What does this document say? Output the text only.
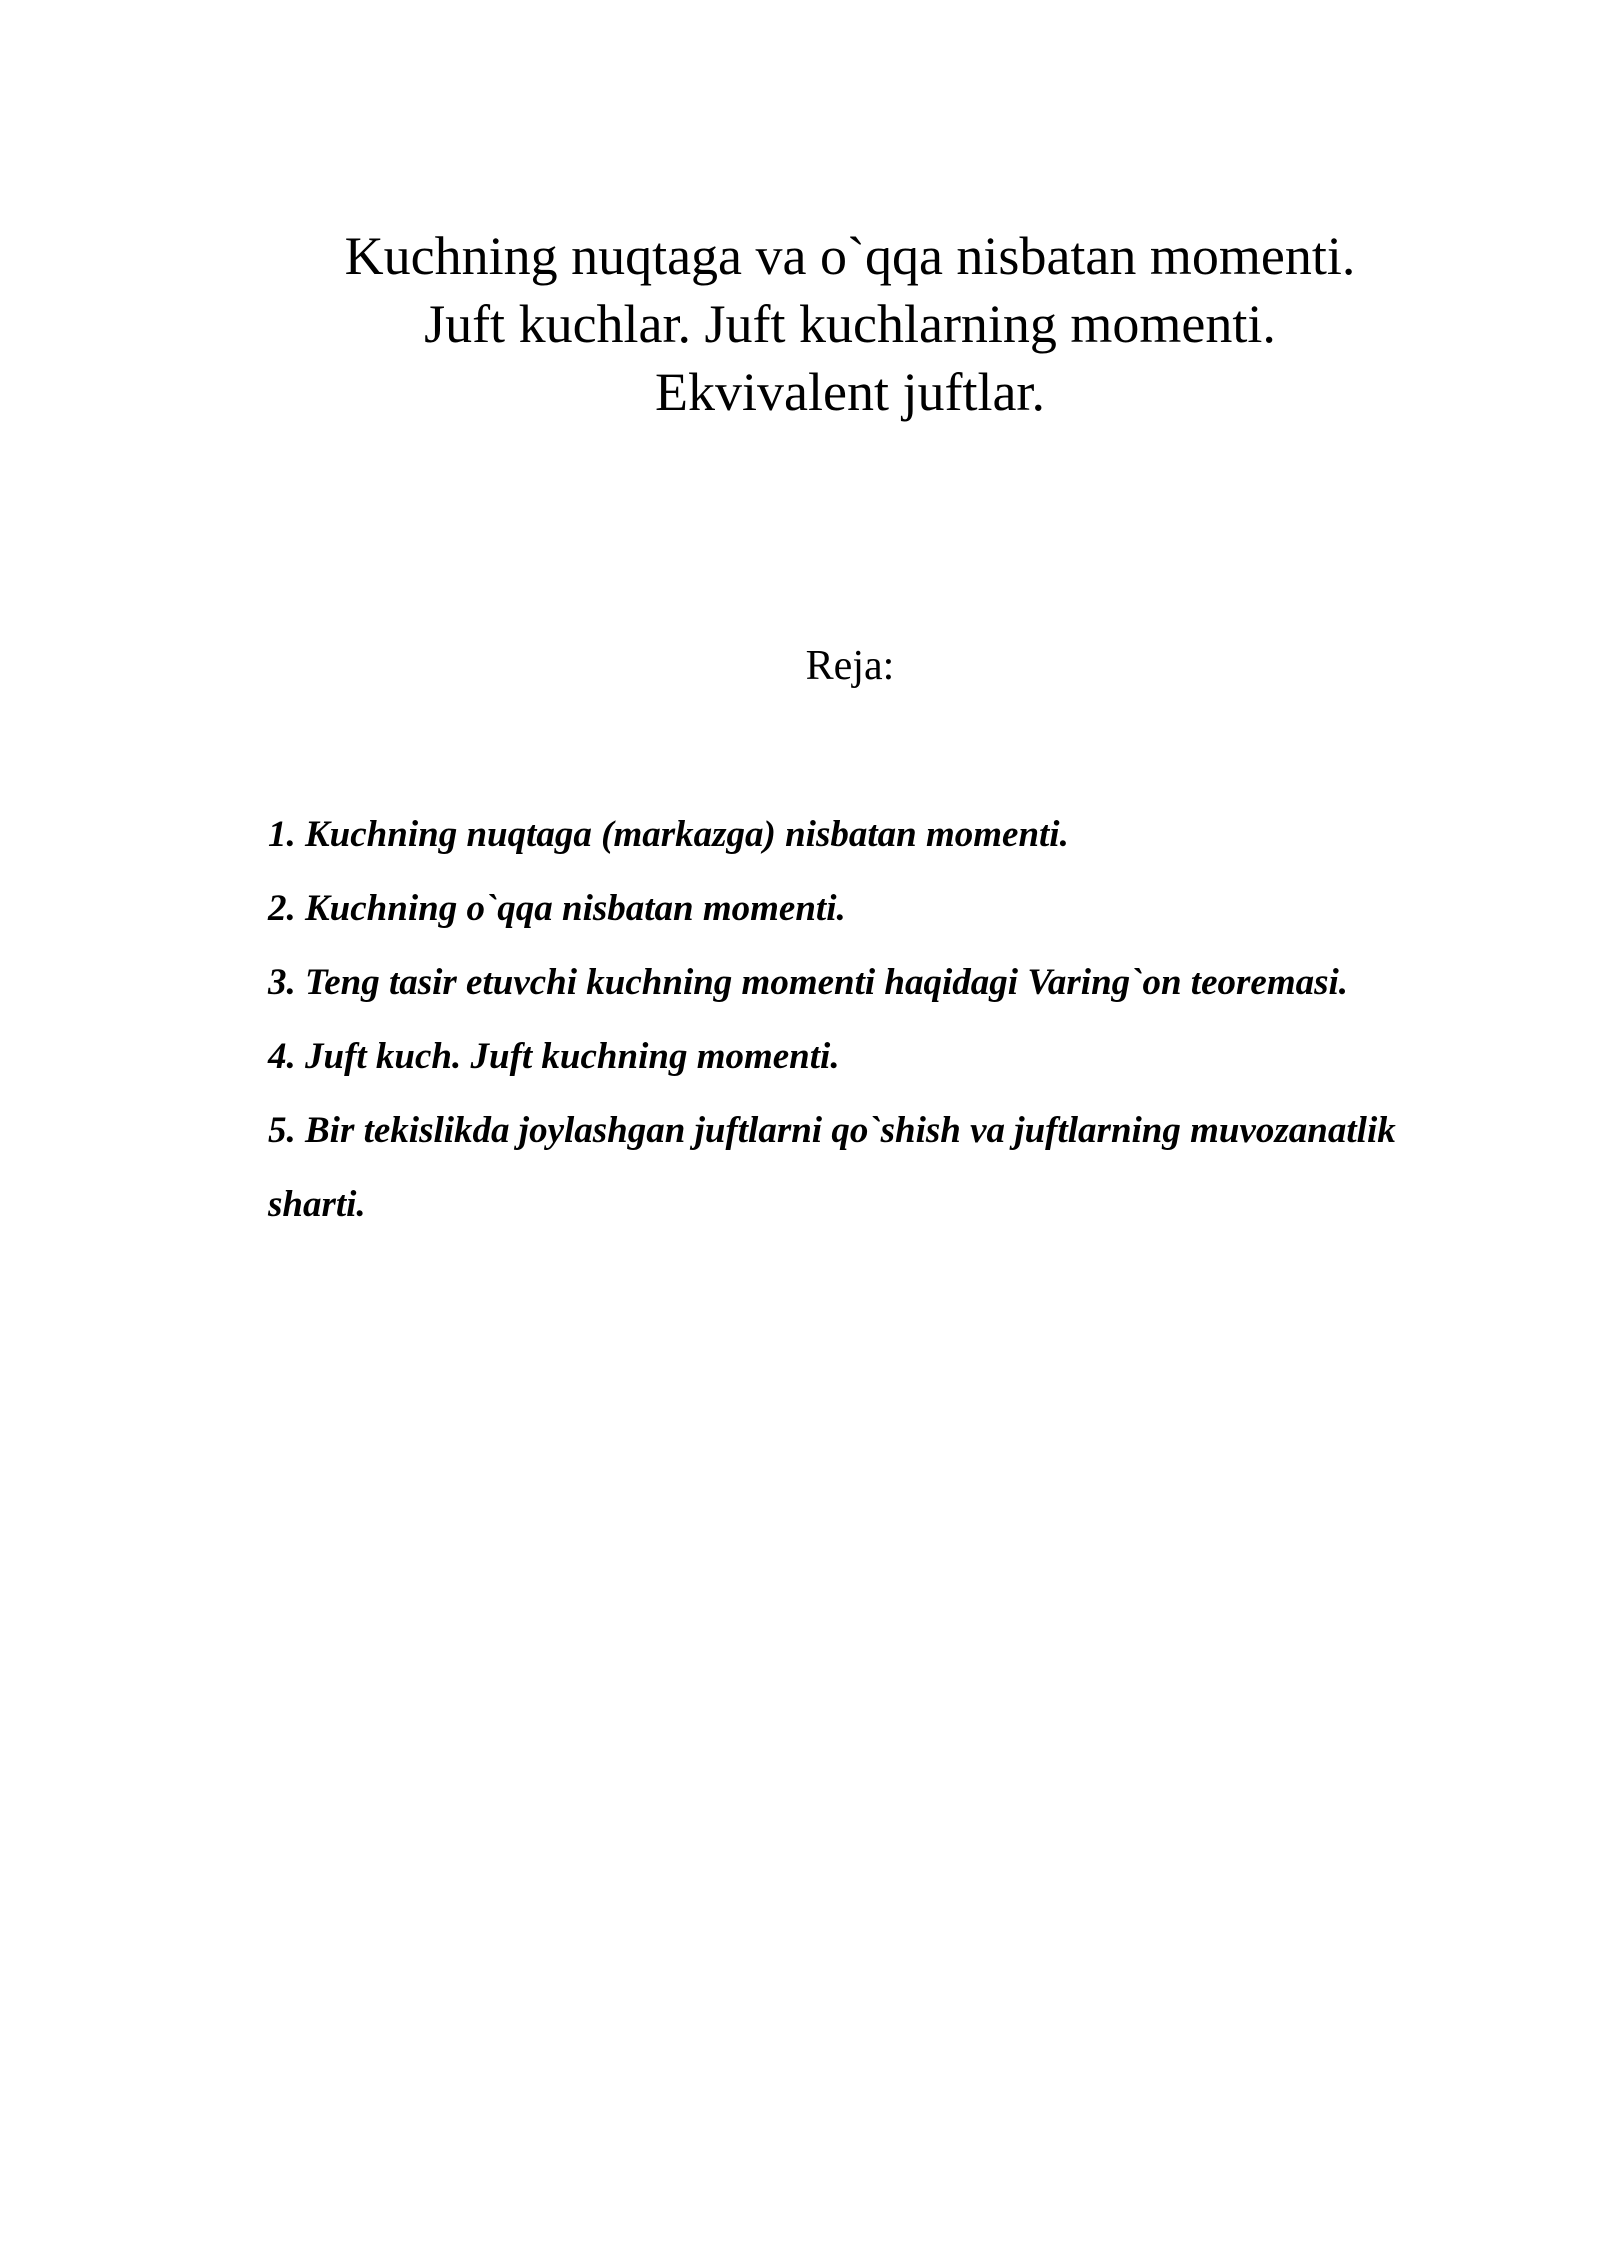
Kuchning nuqtaga va o`qqa nisbatan momenti.
Juft kuchlar. Juft kuchlarning momenti.
Ekvivalent juftlar.
Reja:
1. Kuchning nuqtaga (markazga) nisbatan momenti.
2. Kuchning o`qqa nisbatan momenti.
3. Teng tasir etuvchi kuchning momenti haqidagi Varing`on teoremasi.
4. Juft kuch. Juft kuchning momenti.
5. Bir tekislikda joylashgan juftlarni qo`shish va juftlarning muvozanatlik sharti.
